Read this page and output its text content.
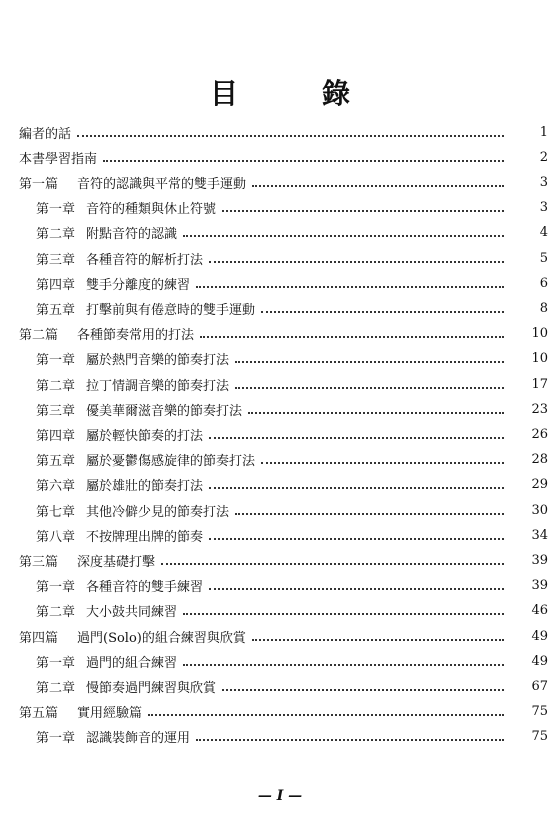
目　錄
編者的話	1
本書學習指南	2
第一篇 音符的認識與平常的雙手運動	3
第一章 音符的種類與休止符號	3
第二章 附點音符的認識	4
第三章 各種音符的解析打法	5
第四章 雙手分離度的練習	6
第五章 打擊前與有倦意時的雙手運動	8
第二篇 各種節奏常用的打法	10
第一章 屬於熱門音樂的節奏打法	10
第二章 拉丁情調音樂的節奏打法	17
第三章 優美華爾滋音樂的節奏打法	23
第四章 屬於輕快節奏的打法	26
第五章 屬於憂鬱傷感旋律的節奏打法	28
第六章 屬於雄壯的節奏打法	29
第七章 其他冷僻少見的節奏打法	30
第八章 不按牌理出牌的節奏	34
第三篇 深度基礎打擊	39
第一章 各種音符的雙手練習	39
第二章 大小鼓共同練習	46
第四篇 過門(Solo)的組合練習與欣賞	49
第一章 過門的組合練習	49
第二章 慢節奏過門練習與欣賞	67
第五篇 實用經驗篇	75
第一章 認識裝飾音的運用	75
— I —
